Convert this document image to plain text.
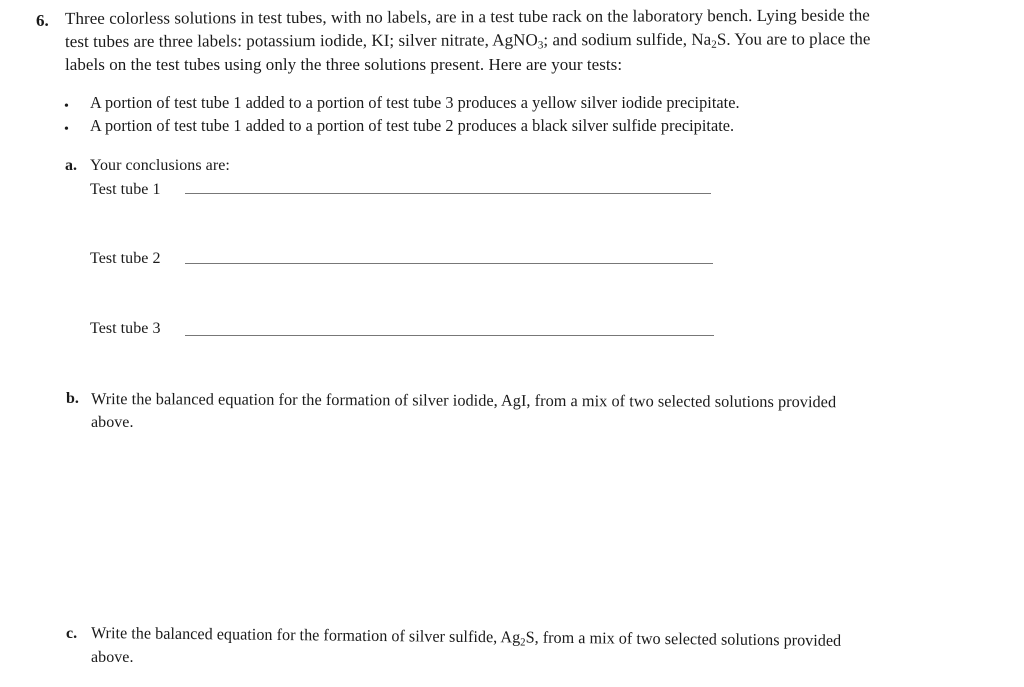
6. Three colorless solutions in test tubes, with no labels, are in a test tube rack on the laboratory bench. Lying beside the
test tubes are three labels: potassium iodide, KI; silver nitrate, AgNO$_3$; and sodium sulfide, $Na_2S$. You are to place the
labels on the test tubes using only the three solutions present. Here are your tests:
• A portion of test tube 1 added to a portion of test tube 3 produces a yellow silver iodide precipitate.
• A portion of test tube 1 added to a portion of test tube 2 produces a black silver sulfide precipitate.
a. Your conclusions are:
Test tube 1
Test tube 2
Test tube 3
b. Write the balanced equation for the formation of silver iodide, AgI, from a mix of two selected solutions provided
above.
c. Write the balanced equation for the formation of silver sulfide, $Ag_2S$, from a mix of two selected solutions provided
above.
